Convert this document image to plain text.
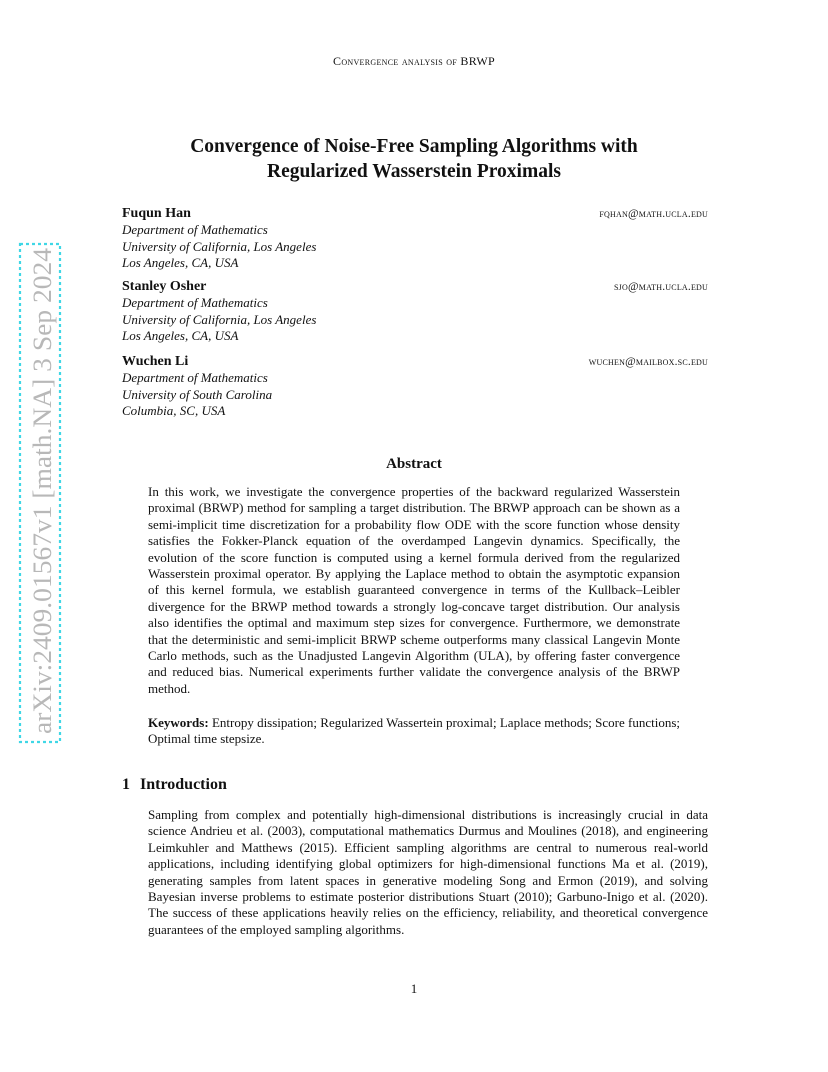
Convergence analysis of BRWP
Convergence of Noise-Free Sampling Algorithms with
Regularized Wasserstein Proximals
Fuqun Han	fqhan@math.ucla.edu
Department of Mathematics
University of California, Los Angeles
Los Angeles, CA, USA
Stanley Osher	sjo@math.ucla.edu
Department of Mathematics
University of California, Los Angeles
Los Angeles, CA, USA
Wuchen Li	wuchen@mailbox.sc.edu
Department of Mathematics
University of South Carolina
Columbia, SC, USA
Abstract
In this work, we investigate the convergence properties of the backward regularized Wasserstein proximal (BRWP) method for sampling a target distribution. The BRWP approach can be shown as a semi-implicit time discretization for a probability flow ODE with the score function whose density satisfies the Fokker-Planck equation of the overdamped Langevin dynamics. Specifically, the evolution of the score function is computed using a kernel formula derived from the regularized Wasserstein proximal operator. By applying the Laplace method to obtain the asymptotic expansion of this kernel formula, we establish guaranteed convergence in terms of the Kullback–Leibler divergence for the BRWP method towards a strongly log-concave target distribution. Our analysis also identifies the optimal and maximum step sizes for convergence. Furthermore, we demonstrate that the deterministic and semi-implicit BRWP scheme outperforms many classical Langevin Monte Carlo methods, such as the Unadjusted Langevin Algorithm (ULA), by offering faster convergence and reduced bias. Numerical experiments further validate the convergence analysis of the BRWP method.
Keywords: Entropy dissipation; Regularized Wassertein proximal; Laplace methods; Score functions; Optimal time stepsize.
1 Introduction
Sampling from complex and potentially high-dimensional distributions is increasingly crucial in data science Andrieu et al. (2003), computational mathematics Durmus and Moulines (2018), and engineering Leimkuhler and Matthews (2015). Efficient sampling algorithms are central to numerous real-world applications, including identifying global optimizers for high-dimensional functions Ma et al. (2019), generating samples from latent spaces in generative modeling Song and Ermon (2019), and solving Bayesian inverse problems to estimate posterior distributions Stuart (2010); Garbuno-Inigo et al. (2020). The success of these applications heavily relies on the efficiency, reliability, and theoretical convergence guarantees of the employed sampling algorithms.
1
arXiv:2409.01567v1 [math.NA] 3 Sep 2024
